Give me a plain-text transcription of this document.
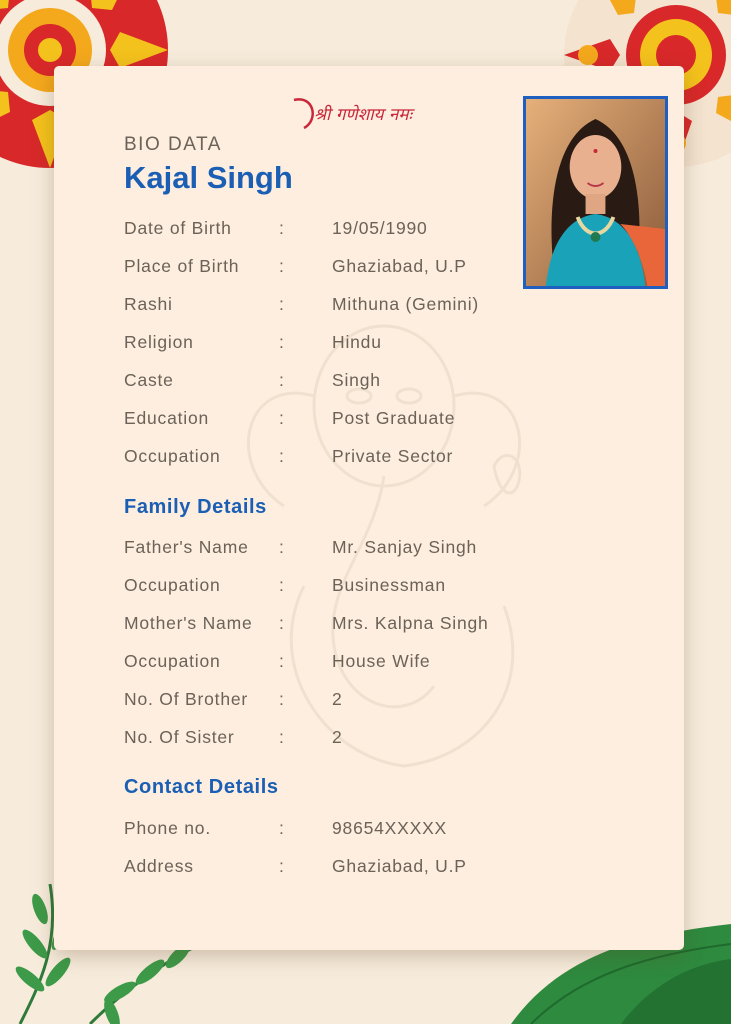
श्री गणेशाय नमः
BIO DATA
Kajal Singh
Date of Birth	:	19/05/1990
Place of Birth :	Ghaziabad, U.P
Rashi	:	Mithuna (Gemini)
Religion	:	Hindu
Caste	:	Singh
Education	:	Post Graduate
Occupation	:	Private Sector
Family Details
Father's Name :	Mr. Sanjay Singh
Occupation	:	Businessman
Mother's Name :	Mrs. Kalpna Singh
Occupation	:	House Wife
No. Of Brother :	2
No. Of Sister	:	2
Contact Details
Phone no.	:	98654XXXXX
Address	:	Ghaziabad, U.P
